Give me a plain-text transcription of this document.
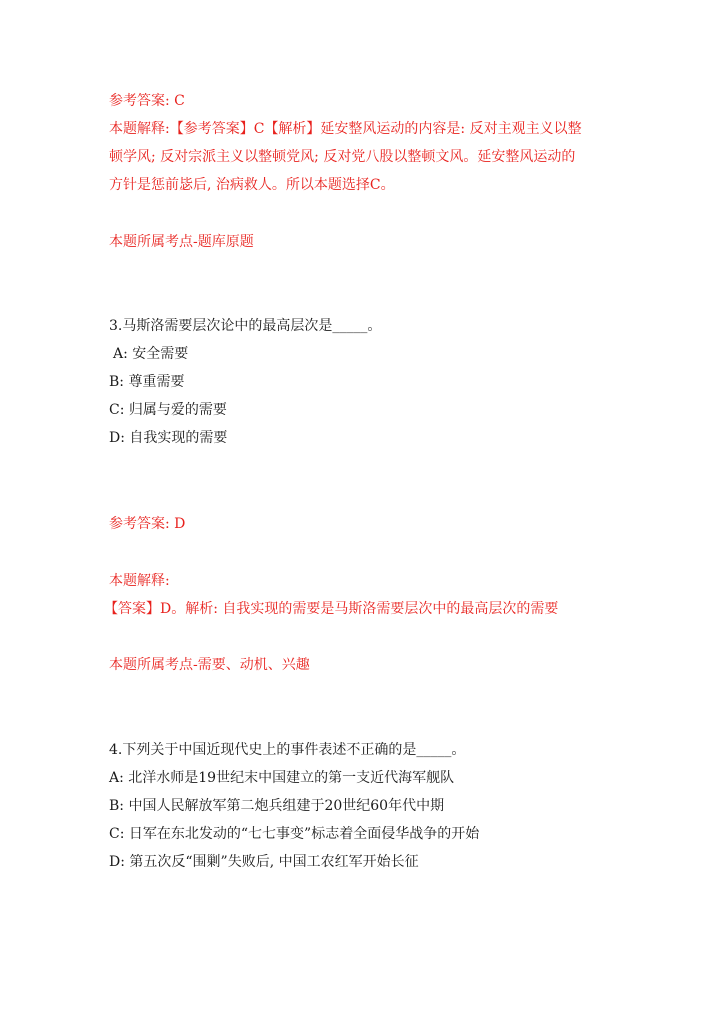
参考答案: C
本题解释:【参考答案】C【解析】延安整风运动的内容是: 反对主观主义以整
顿学风; 反对宗派主义以整顿党风; 反对党八股以整顿文风。延安整风运动的
方针是惩前毖后, 治病救人。所以本题选择C。
本题所属考点-题库原题
3.马斯洛需要层次论中的最高层次是_____。
A: 安全需要
B: 尊重需要
C: 归属与爱的需要
D: 自我实现的需要
参考答案: D
本题解释:
【答案】D。解析: 自我实现的需要是马斯洛需要层次中的最高层次的需要
本题所属考点-需要、动机、兴趣
4.下列关于中国近现代史上的事件表述不正确的是_____。
A: 北洋水师是19世纪末中国建立的第一支近代海军舰队
B: 中国人民解放军第二炮兵组建于20世纪60年代中期
C: 日军在东北发动的“七七事变”标志着全面侵华战争的开始
D: 第五次反“围剿”失败后, 中国工农红军开始长征
